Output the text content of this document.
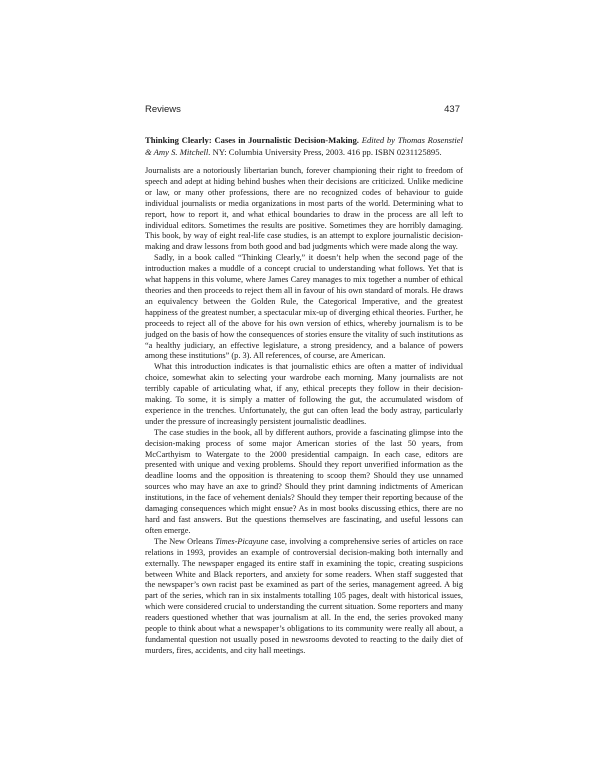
Reviews	437
Thinking Clearly: Cases in Journalistic Decision-Making. Edited by Thomas Rosenstiel & Amy S. Mitchell. NY: Columbia University Press, 2003. 416 pp. ISBN 0231125895.

Journalists are a notoriously libertarian bunch, forever championing their right to freedom of speech and adept at hiding behind bushes when their decisions are criticized. Unlike medicine or law, or many other professions, there are no recognized codes of behaviour to guide individual journalists or media organizations in most parts of the world. Determining what to report, how to report it, and what ethical boundaries to draw in the process are all left to individual editors. Sometimes the results are positive. Sometimes they are horribly damaging. This book, by way of eight real-life case studies, is an attempt to explore journalistic decision-making and draw lessons from both good and bad judgments which were made along the way.

Sadly, in a book called “Thinking Clearly,” it doesn’t help when the second page of the introduction makes a muddle of a concept crucial to understanding what follows. Yet that is what happens in this volume, where James Carey manages to mix together a number of ethical theories and then proceeds to reject them all in favour of his own standard of morals. He draws an equivalency between the Golden Rule, the Categorical Imperative, and the greatest happiness of the greatest number, a spectacular mix-up of diverging ethical theories. Further, he proceeds to reject all of the above for his own version of ethics, whereby journalism is to be judged on the basis of how the consequences of stories ensure the vitality of such institutions as “a healthy judiciary, an effective legislature, a strong presidency, and a balance of powers among these institutions” (p. 3). All references, of course, are American.

What this introduction indicates is that journalistic ethics are often a matter of individual choice, somewhat akin to selecting your wardrobe each morning. Many journalists are not terribly capable of articulating what, if any, ethical precepts they follow in their decision-making. To some, it is simply a matter of following the gut, the accumulated wisdom of experience in the trenches. Unfortunately, the gut can often lead the body astray, particularly under the pressure of increasingly persistent journalistic deadlines.

The case studies in the book, all by different authors, provide a fascinating glimpse into the decision-making process of some major American stories of the last 50 years, from McCarthyism to Watergate to the 2000 presidential campaign. In each case, editors are presented with unique and vexing problems. Should they report unverified information as the deadline looms and the opposition is threatening to scoop them? Should they use unnamed sources who may have an axe to grind? Should they print damning indictments of American institutions, in the face of vehement denials? Should they temper their reporting because of the damaging consequences which might ensue? As in most books discussing ethics, there are no hard and fast answers. But the questions themselves are fascinating, and useful lessons can often emerge.

The New Orleans Times-Picayune case, involving a comprehensive series of articles on race relations in 1993, provides an example of controversial decision-making both internally and externally. The newspaper engaged its entire staff in examining the topic, creating suspicions between White and Black reporters, and anxiety for some readers. When staff suggested that the newspaper’s own racist past be examined as part of the series, management agreed. A big part of the series, which ran in six instalments totalling 105 pages, dealt with historical issues, which were considered crucial to understanding the current situation. Some reporters and many readers questioned whether that was journalism at all. In the end, the series provoked many people to think about what a newspaper’s obligations to its community were really all about, a fundamental question not usually posed in newsrooms devoted to reacting to the daily diet of murders, fires, accidents, and city hall meetings.
